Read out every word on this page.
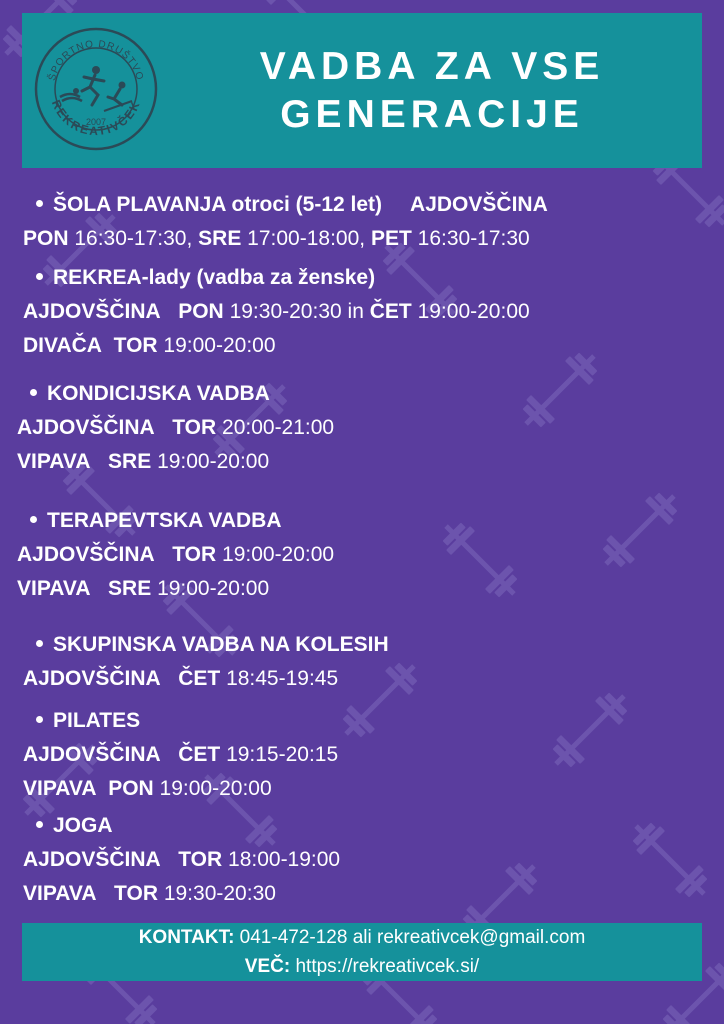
ŠPORTNO DRUŠTVO
REKREATIVČEK
2007
VADBA ZA VSE
GENERACIJE
ŠOLA PLAVANJA otroci (5-12 let) AJDOVŠČINA
PON 16:30-17:30, SRE 17:00-18:00, PET 16:30-17:30
REKREA-lady (vadba za ženske)
AJDOVŠČINA PON 19:30-20:30 in ČET 19:00-20:00
DIVAČA TOR 19:00-20:00
KONDICIJSKA VADBA
AJDOVŠČINA TOR 20:00-21:00
VIPAVA SRE 19:00-20:00
TERAPEVTSKA VADBA
AJDOVŠČINA TOR 19:00-20:00
VIPAVA SRE 19:00-20:00
SKUPINSKA VADBA NA KOLESIH
AJDOVŠČINA ČET 18:45-19:45
PILATES
AJDOVŠČINA ČET 19:15-20:15
VIPAVA PON 19:00-20:00
JOGA
AJDOVŠČINA TOR 18:00-19:00
VIPAVA TOR 19:30-20:30
KONTAKT: 041-472-128 ali rekreativcek@gmail.com
VEČ: https://rekreativcek.si/
